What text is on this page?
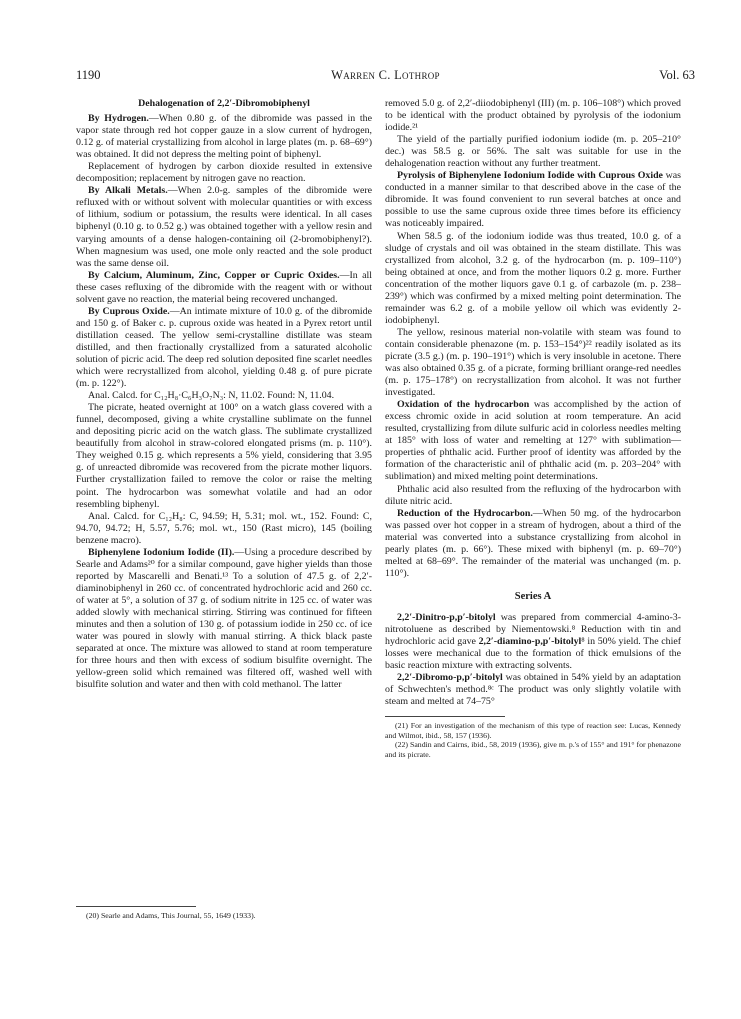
1190	Warren C. Lothrop	Vol. 63

Dehalogenation of 2,2′-Dibromobiphenyl

By Hydrogen.—When 0.80 g. of the dibromide was passed in the vapor state through red hot copper gauze in a slow current of hydrogen, 0.12 g. of material crystallizing from alcohol in large plates (m. p. 68–69°) was obtained. It did not depress the melting point of biphenyl.

Replacement of hydrogen by carbon dioxide resulted in extensive decomposition; replacement by nitrogen gave no reaction.

By Alkali Metals.—When 2.0-g. samples of the dibromide were refluxed with or without solvent with molecular quantities or with excess of lithium, sodium or potassium, the results were identical. In all cases biphenyl (0.10 g. to 0.52 g.) was obtained together with a yellow resin and varying amounts of a dense halogen-containing oil (2-bromobiphenyl?). When magnesium was used, one mole only reacted and the sole product was the same dense oil.

By Calcium, Aluminum, Zinc, Copper or Cupric Oxides.—In all these cases refluxing of the dibromide with the reagent with or without solvent gave no reaction, the material being recovered unchanged.

By Cuprous Oxide.—An intimate mixture of 10.0 g. of the dibromide and 150 g. of Baker c. p. cuprous oxide was heated in a Pyrex retort until distillation ceased. The yellow semi-crystalline distillate was steam distilled, and then fractionally crystallized from a saturated alcoholic solution of picric acid. The deep red solution deposited fine scarlet needles which were recrystallized from alcohol, yielding 0.48 g. of pure picrate (m. p. 122°).

Anal. Calcd. for C₁₂H₈·C₆H₃O₇N₃: N, 11.02. Found: N, 11.04.

The picrate, heated overnight at 100° on a watch glass covered with a funnel, decomposed, giving a white crystalline sublimate on the funnel and depositing picric acid on the watch glass. The sublimate crystallized beautifully from alcohol in straw-colored elongated prisms (m. p. 110°). They weighed 0.15 g. which represents a 5% yield, considering that 3.95 g. of unreacted dibromide was recovered from the picrate mother liquors. Further crystallization failed to remove the color or raise the melting point. The hydrocarbon was somewhat volatile and had an odor resembling biphenyl.

Anal. Calcd. for C₁₂H₈: C, 94.59; H, 5.31; mol. wt., 152. Found: C, 94.70, 94.72; H, 5.57, 5.76; mol. wt., 150 (Rast micro), 145 (boiling benzene macro).

Biphenylene Iodonium Iodide (II).—Using a procedure described by Searle and Adams²⁰ for a similar compound, gave higher yields than those reported by Mascarelli and Benati.¹³ To a solution of 47.5 g. of 2,2′-diaminobiphenyl in 260 cc. of concentrated hydrochloric acid and 260 cc. of water at 5°, a solution of 37 g. of sodium nitrite in 125 cc. of water was added slowly with mechanical stirring. Stirring was continued for fifteen minutes and then a solution of 130 g. of potassium iodide in 250 cc. of ice water was poured in slowly with manual stirring. A thick black paste separated at once. The mixture was allowed to stand at room temperature for three hours and then with excess of sodium bisulfite overnight. The yellow-green solid which remained was filtered off, washed well with bisulfite solution and water and then with cold methanol. The latter

(20) Searle and Adams, This Journal, 55, 1649 (1933).

removed 5.0 g. of 2,2′-diiodobiphenyl (III) (m. p. 106–108°) which proved to be identical with the product obtained by pyrolysis of the iodonium iodide.²¹

The yield of the partially purified iodonium iodide (m. p. 205–210° dec.) was 58.5 g. or 56%. The salt was suitable for use in the dehalogenation reaction without any further treatment.

Pyrolysis of Biphenylene Iodonium Iodide with Cuprous Oxide was conducted in a manner similar to that described above in the case of the dibromide. It was found convenient to run several batches at once and possible to use the same cuprous oxide three times before its efficiency was noticeably impaired.

When 58.5 g. of the iodonium iodide was thus treated, 10.0 g. of a sludge of crystals and oil was obtained in the steam distillate. This was crystallized from alcohol, 3.2 g. of the hydrocarbon (m. p. 109–110°) being obtained at once, and from the mother liquors 0.2 g. more. Further concentration of the mother liquors gave 0.1 g. of carbazole (m. p. 238–239°) which was confirmed by a mixed melting point determination. The remainder was 6.2 g. of a mobile yellow oil which was evidently 2-iodobiphenyl.

The yellow, resinous material non-volatile with steam was found to contain considerable phenazone (m. p. 153–154°)²² readily isolated as its picrate (3.5 g.) (m. p. 190–191°) which is very insoluble in acetone. There was also obtained 0.35 g. of a picrate, forming brilliant orange-red needles (m. p. 175–178°) on recrystallization from alcohol. It was not further investigated.

Oxidation of the hydrocarbon was accomplished by the action of excess chromic oxide in acid solution at room temperature. An acid resulted, crystallizing from dilute sulfuric acid in colorless needles melting at 185° with loss of water and remelting at 127° with sublimation—properties of phthalic acid. Further proof of identity was afforded by the formation of the characteristic anil of phthalic acid (m. p. 203–204° with sublimation) and mixed melting point determinations.

Phthalic acid also resulted from the refluxing of the hydrocarbon with dilute nitric acid.

Reduction of the Hydrocarbon.—When 50 mg. of the hydrocarbon was passed over hot copper in a stream of hydrogen, about a third of the material was converted into a substance crystallizing from alcohol in pearly plates (m. p. 66°). These mixed with biphenyl (m. p. 69–70°) melted at 68–69°. The remainder of the material was unchanged (m. p. 110°).

Series A

2,2′-Dinitro-p,p′-bitolyl was prepared from commercial 4-amino-3-nitrotoluene as described by Niementowski.⁸ Reduction with tin and hydrochloric acid gave 2,2′-diamino-p,p′-bitolyl⁸ in 50% yield. The chief losses were mechanical due to the formation of thick emulsions of the basic reaction mixture with extracting solvents.

2,2′-Dibromo-p,p′-bitolyl was obtained in 54% yield by an adaptation of Schwechten's method.⁸ᶜ The product was only slightly volatile with steam and melted at 74–75°

(21) For an investigation of the mechanism of this type of reaction see: Lucas, Kennedy and Wilmot, ibid., 58, 157 (1936).

(22) Sandin and Cairns, ibid., 58, 2019 (1936), give m. p.'s of 155° and 191° for phenazone and its picrate.
